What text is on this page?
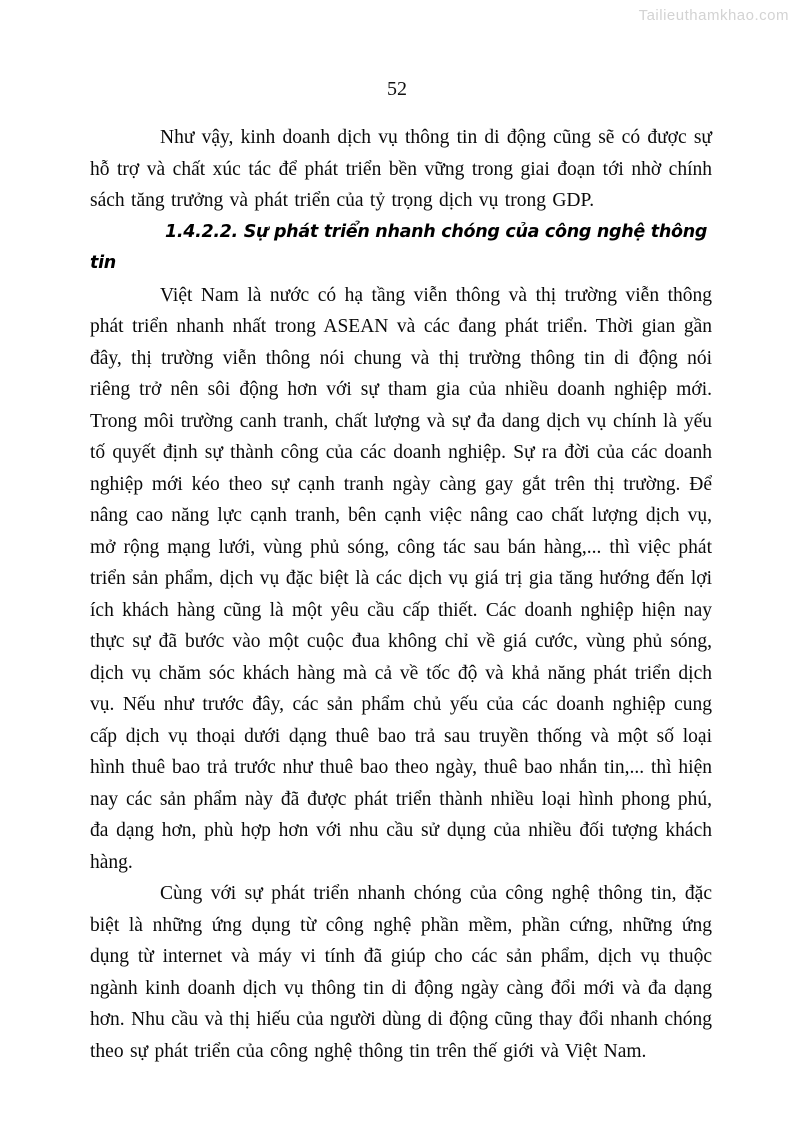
Tailieuthamkhao.com
52

Như vậy, kinh doanh dịch vụ thông tin di động cũng sẽ có được sự hỗ trợ và chất xúc tác để phát triển bền vững trong giai đoạn tới nhờ chính sách tăng trưởng và phát triển của tỷ trọng dịch vụ trong GDP.

1.4.2.2. Sự phát triển nhanh chóng của công nghệ thông tin

Việt Nam là nước có hạ tầng viễn thông và thị trường viễn thông phát triển nhanh nhất trong ASEAN và các đang phát triển. Thời gian gần đây, thị trường viễn thông nói chung và thị trường thông tin di động nói riêng trở nên sôi động hơn với sự tham gia của nhiều doanh nghiệp mới. Trong môi trường canh tranh, chất lượng và sự đa dang dịch vụ chính là yếu tố quyết định sự thành công của các doanh nghiệp. Sự ra đời của các doanh nghiệp mới kéo theo sự cạnh tranh ngày càng gay gắt trên thị trường. Để nâng cao năng lực cạnh tranh, bên cạnh việc nâng cao chất lượng dịch vụ, mở rộng mạng lưới, vùng phủ sóng, công tác sau bán hàng,... thì việc phát triển sản phẩm, dịch vụ đặc biệt là các dịch vụ giá trị gia tăng hướng đến lợi ích khách hàng cũng là một yêu cầu cấp thiết. Các doanh nghiệp hiện nay thực sự đã bước vào một cuộc đua không chỉ về giá cước, vùng phủ sóng, dịch vụ chăm sóc khách hàng mà cả về tốc độ và khả năng phát triển dịch vụ. Nếu như trước đây, các sản phẩm chủ yếu của các doanh nghiệp cung cấp dịch vụ thoại dưới dạng thuê bao trả sau truyền thống và một số loại hình thuê bao trả trước như thuê bao theo ngày, thuê bao nhắn tin,... thì hiện nay các sản phẩm này đã được phát triển thành nhiều loại hình phong phú, đa dạng hơn, phù hợp hơn với nhu cầu sử dụng của nhiều đối tượng khách hàng.

Cùng với sự phát triển nhanh chóng của công nghệ thông tin, đặc biệt là những ứng dụng từ công nghệ phần mềm, phần cứng, những ứng dụng từ internet và máy vi tính đã giúp cho các sản phẩm, dịch vụ thuộc ngành kinh doanh dịch vụ thông tin di động ngày càng đổi mới và đa dạng hơn. Nhu cầu và thị hiếu của người dùng di động cũng thay đổi nhanh chóng theo sự phát triển của công nghệ thông tin trên thế giới và Việt Nam.
